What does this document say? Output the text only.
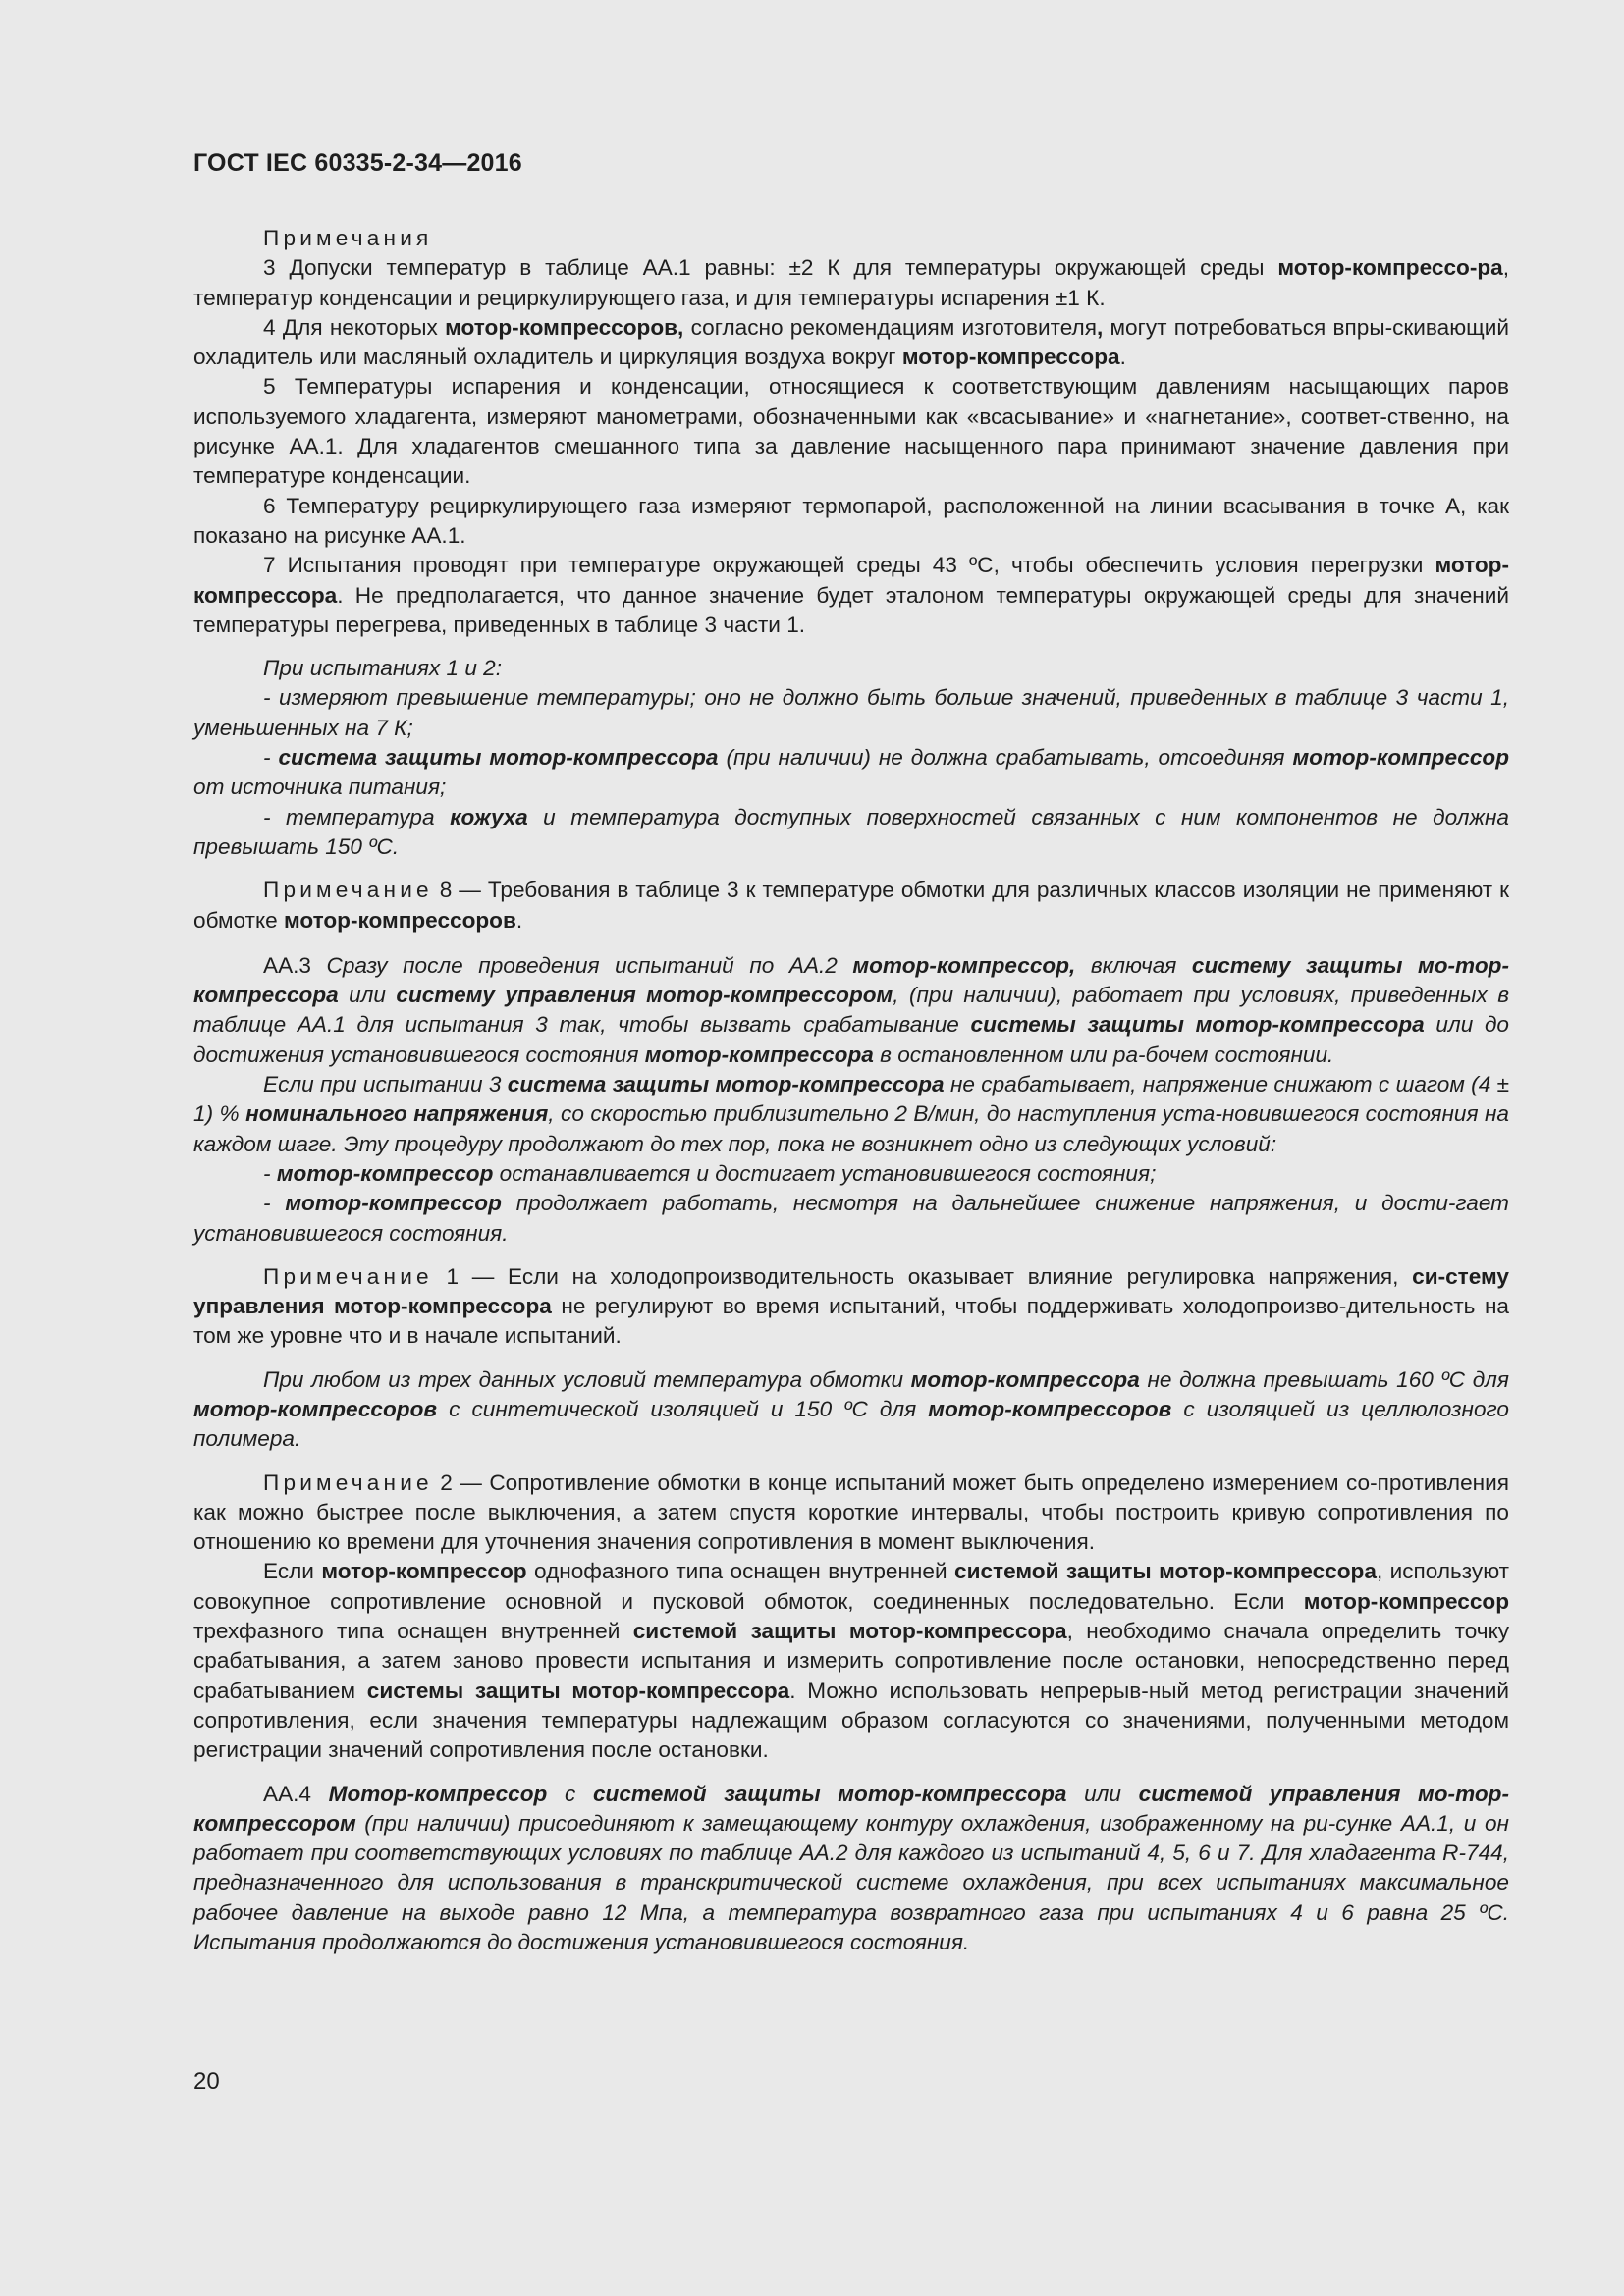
ГОСТ IEC 60335-2-34—2016

Примечания

3 Допуски температур в таблице АА.1 равны: ±2 К для температуры окружающей среды мотор-компрессо-ра, температур конденсации и рециркулирующего газа, и для температуры испарения ±1 К.

4 Для некоторых мотор-компрессоров, согласно рекомендациям изготовителя, могут потребоваться впры-скивающий охладитель или масляный охладитель и циркуляция воздуха вокруг мотор-компрессора.

5 Температуры испарения и конденсации, относящиеся к соответствующим давлениям насыщающих паров используемого хладагента, измеряют манометрами, обозначенными как «всасывание» и «нагнетание», соответ-ственно, на рисунке АА.1. Для хладагентов смешанного типа за давление насыщенного пара принимают значение давления при температуре конденсации.

6 Температуру рециркулирующего газа измеряют термопарой, расположенной на линии всасывания в точке А, как показано на рисунке АА.1.

7 Испытания проводят при температуре окружающей среды 43 ºС, чтобы обеспечить условия перегрузки мотор-компрессора. Не предполагается, что данное значение будет эталоном температуры окружающей среды для значений температуры перегрева, приведенных в таблице 3 части 1.

При испытаниях 1 и 2:

- измеряют превышение температуры; оно не должно быть больше значений, приведенных в таблице 3 части 1, уменьшенных на 7 К;

- система защиты мотор-компрессора (при наличии) не должна срабатывать, отсоединяя мотор-компрессор от источника питания;

- температура кожуха и температура доступных поверхностей связанных с ним компонентов не должна превышать 150 ºС.

Примечание 8 — Требования в таблице 3 к температуре обмотки для различных классов изоляции не применяют к обмотке мотор-компрессоров.

АА.3 Сразу после проведения испытаний по АА.2 мотор-компрессор, включая систему защиты мо-тор-компрессора или систему управления мотор-компрессором, (при наличии), работает при условиях, приведенных в таблице АА.1 для испытания 3 так, чтобы вызвать срабатывание системы защиты мотор-компрессора или до достижения установившегося состояния мотор-компрессора в остановленном или ра-бочем состоянии.

Если при испытании 3 система защиты мотор-компрессора не срабатывает, напряжение снижают с шагом (4 ± 1) % номинального напряжения, со скоростью приблизительно 2 В/мин, до наступления уста-новившегося состояния на каждом шаге. Эту процедуру продолжают до тех пор, пока не возникнет одно из следующих условий:

- мотор-компрессор останавливается и достигает установившегося состояния;

- мотор-компрессор продолжает работать, несмотря на дальнейшее снижение напряжения, и дости-гает установившегося состояния.

Примечание 1 — Если на холодопроизводительность оказывает влияние регулировка напряжения, си-стему управления мотор-компрессора не регулируют во время испытаний, чтобы поддерживать холодопроизво-дительность на том же уровне что и в начале испытаний.

При любом из трех данных условий температура обмотки мотор-компрессора не должна превышать 160 ºС для мотор-компрессоров с синтетической изоляцией и 150 ºС для мотор-компрессоров с изоляцией из целлюлозного полимера.

Примечание 2 — Сопротивление обмотки в конце испытаний может быть определено измерением со-противления как можно быстрее после выключения, а затем спустя короткие интервалы, чтобы построить кривую сопротивления по отношению ко времени для уточнения значения сопротивления в момент выключения.

Если мотор-компрессор однофазного типа оснащен внутренней системой защиты мотор-компрессора, используют совокупное сопротивление основной и пусковой обмоток, соединенных последовательно. Если мотор-компрессор трехфазного типа оснащен внутренней системой защиты мотор-компрессора, необходимо сначала определить точку срабатывания, а затем заново провести испытания и измерить сопротивление после остановки, непосредственно перед срабатыванием системы защиты мотор-компрессора. Можно использовать непрерыв-ный метод регистрации значений сопротивления, если значения температуры надлежащим образом согласуются со значениями, полученными методом регистрации значений сопротивления после остановки.

АА.4 Мотор-компрессор с системой защиты мотор-компрессора или системой управления мо-тор-компрессором (при наличии) присоединяют к замещающему контуру охлаждения, изображенному на ри-сунке АА.1, и он работает при соответствующих условиях по таблице АА.2 для каждого из испытаний 4, 5, 6 и 7. Для хладагента R-744, предназначенного для использования в транскритической системе охлаждения, при всех испытаниях максимальное рабочее давление на выходе равно 12 Мпа, а температура возвратного газа при испытаниях 4 и 6 равна 25 ºС. Испытания продолжаются до достижения установившегося состояния.

20
